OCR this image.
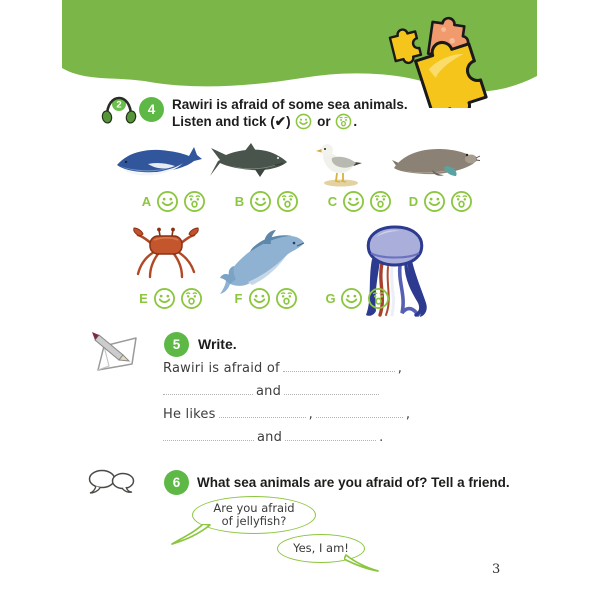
2	4	Rawiri is afraid of some sea animals.
Listen and tick (✔) or .
A	B	C	D
E	F	G
5	Write.
Rawiri is afraid of	,
and
He likes	,	,
and	.
6	What sea animals are you afraid of? Tell a friend.
Are you afraid
of jellyfish?
Yes, I am!
3
